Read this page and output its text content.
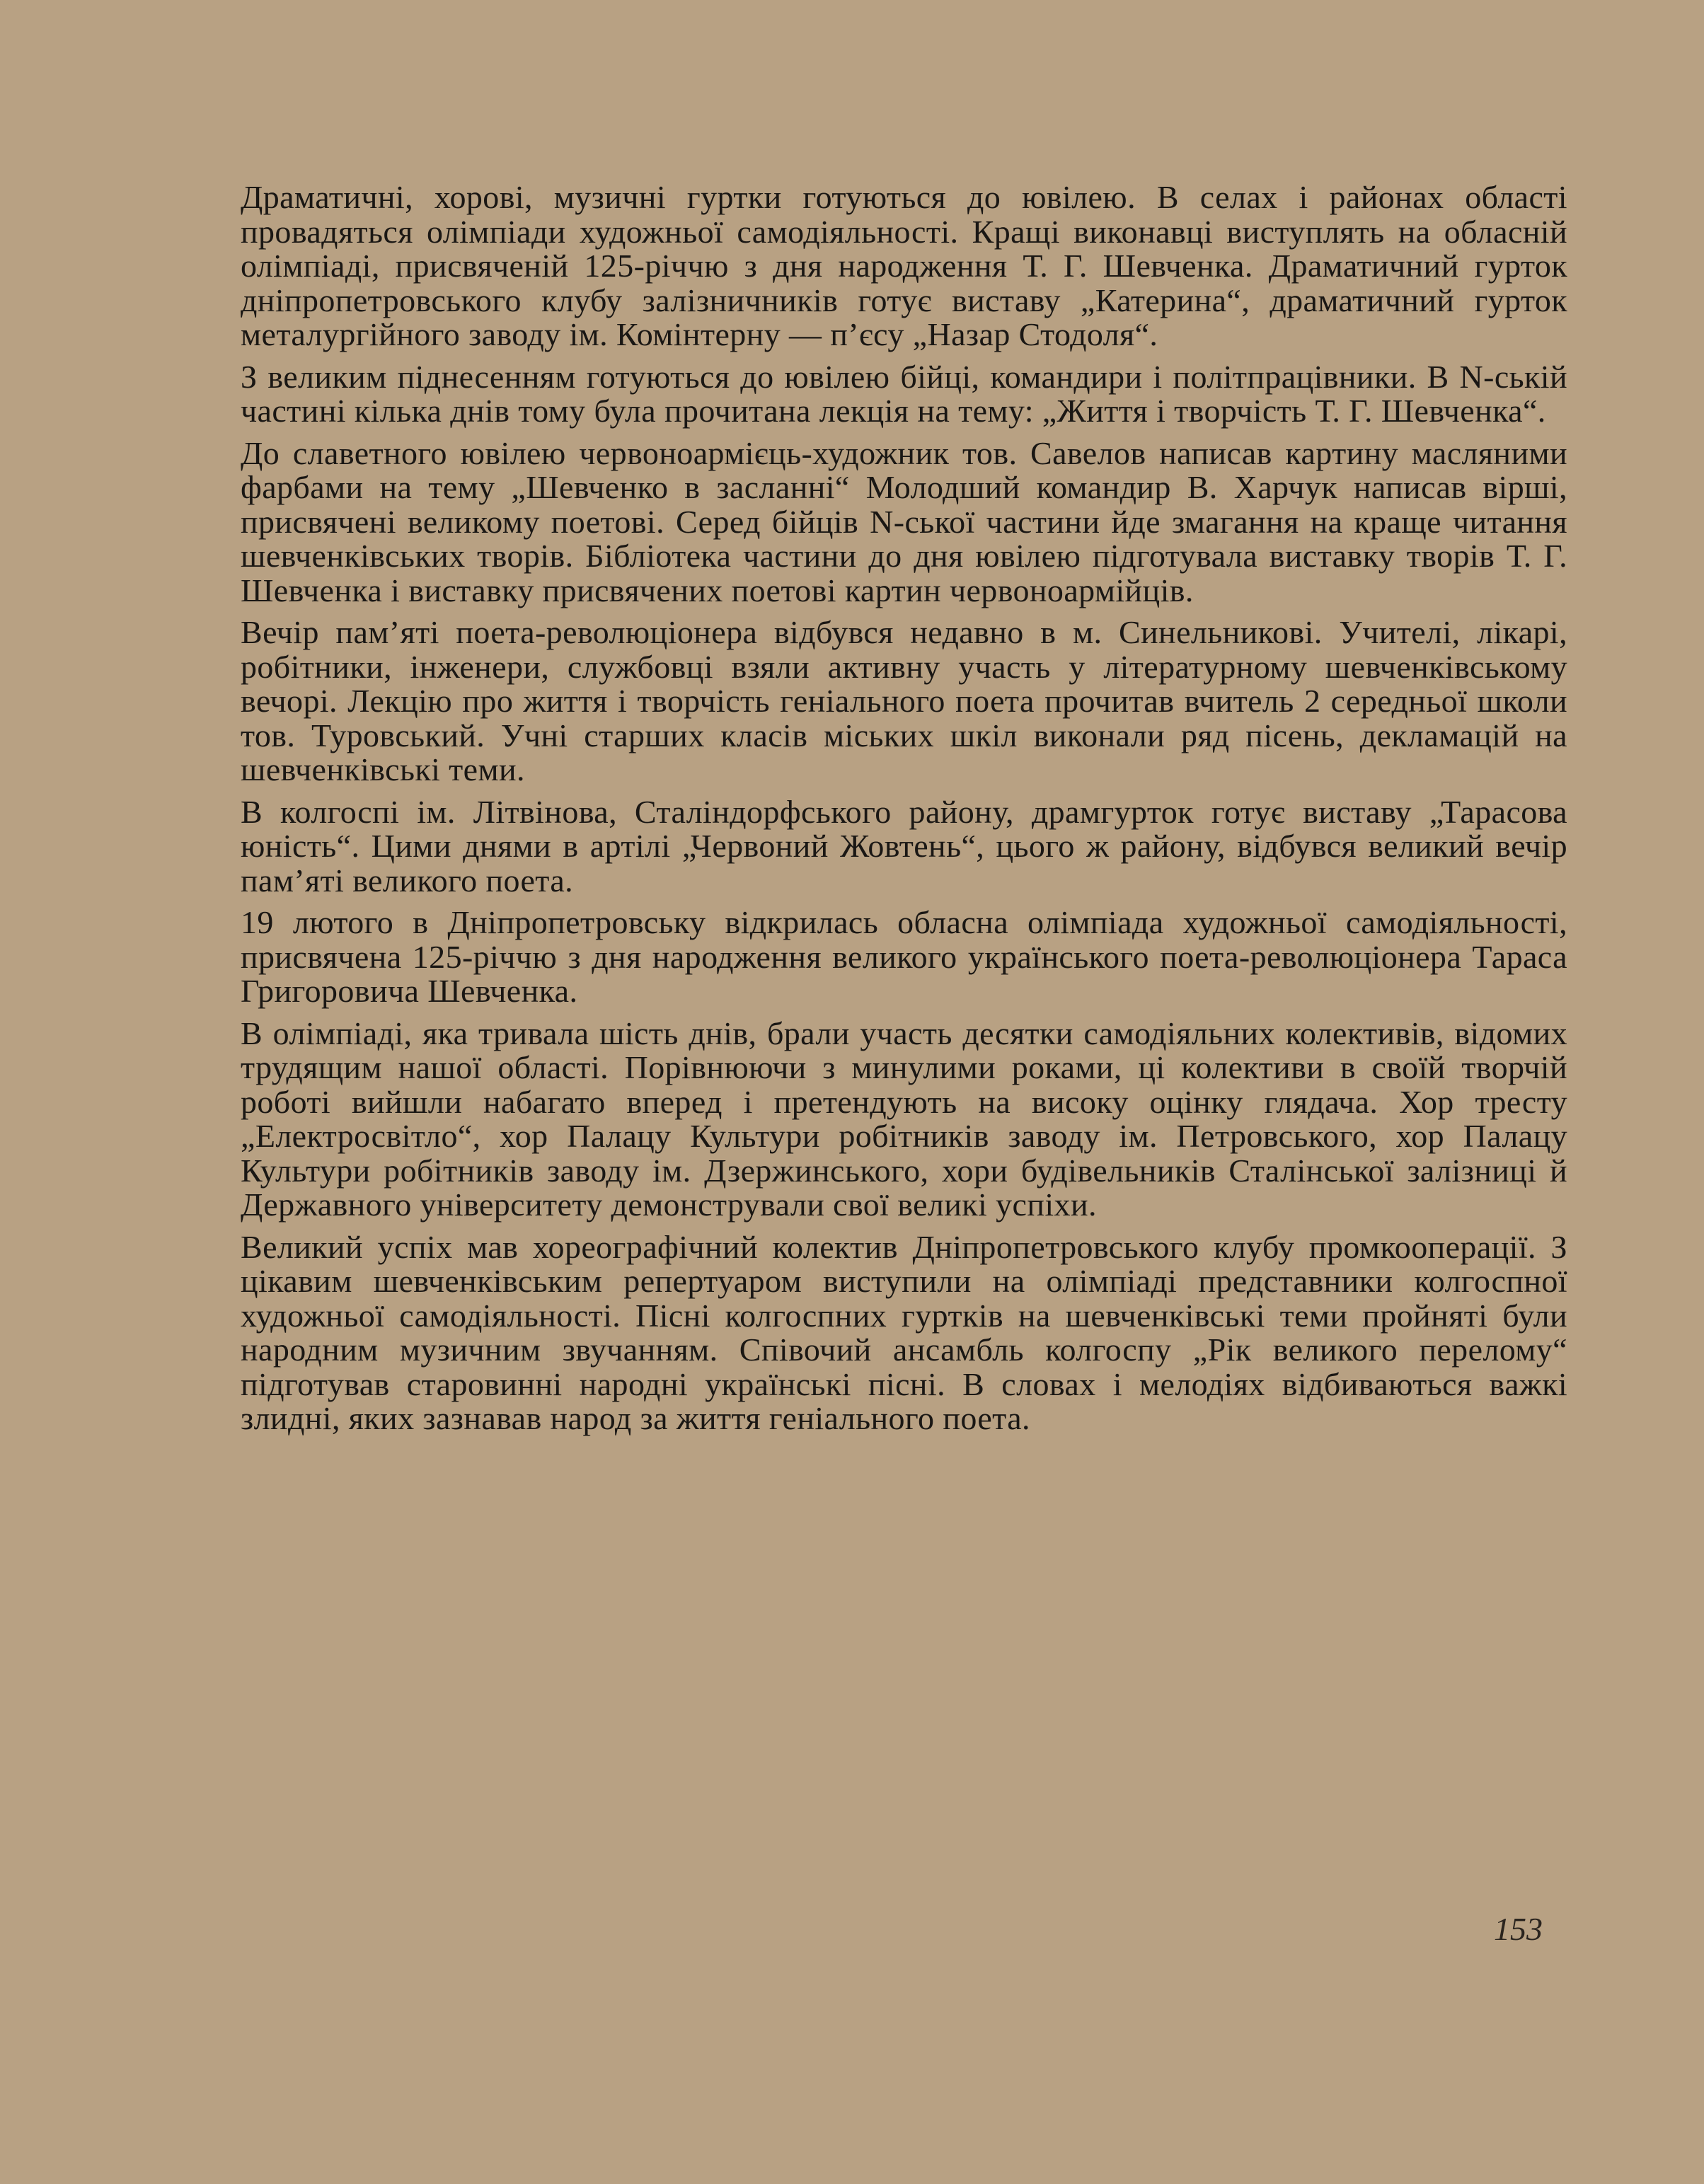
Драматичні, хорові, музичні гуртки готуються до ювілею. В селах і районах області провадяться олімпіади художньої самодіяльності. Кращі виконавці виступлять на обласній олімпіаді, присвяченій 125-річчю з дня народження Т. Г. Шевченка. Драматичний гурток дніпропетровського клубу залізничників готує виставу „Катерина“, драматичний гурток металургійного заводу ім. Комінтерну — п’єсу „Назар Стодоля“.

З великим піднесенням готуються до ювілею бійці, командири і політпрацівники. В N-ській частині кілька днів тому була прочитана лекція на тему: „Життя і творчість Т. Г. Шевченка“.

До славетного ювілею червоноармієць-художник тов. Савелов написав картину масляними фарбами на тему „Шевченко в засланні“ Молодший командир В. Харчук написав вірші, присвячені великому поетові. Серед бійців N-ської частини йде змагання на краще читання шевченківських творів. Бібліотека частини до дня ювілею підготувала виставку творів Т. Г. Шевченка і виставку присвячених поетові картин червоноармійців.

Вечір пам’яті поета-революціонера відбувся недавно в м. Синельникові. Учителі, лікарі, робітники, інженери, службовці взяли активну участь у літературному шевченківському вечорі. Лекцію про життя і творчість геніального поета прочитав вчитель 2 середньої школи тов. Туровський. Учні старших класів міських шкіл виконали ряд пісень, декламацій на шевченківські теми.

В колгоспі ім. Літвінова, Сталіндорфського району, драмгурток готує виставу „Тарасова юність“. Цими днями в артілі „Червоний Жовтень“, цього ж району, відбувся великий вечір пам’яті великого поета.

19 лютого в Дніпропетровську відкрилась обласна олімпіада художньої самодіяльності, присвячена 125-річчю з дня народження великого українського поета-революціонера Тараса Григоровича Шевченка.

В олімпіаді, яка тривала шість днів, брали участь десятки самодіяльних колективів, відомих трудящим нашої області. Порівнюючи з минулими роками, ці колективи в своїй творчій роботі вийшли набагато вперед і претендують на високу оцінку глядача. Хор тресту „Електросвітло“, хор Палацу Культури робітників заводу ім. Петровського, хор Палацу Культури робітників заводу ім. Дзержинського, хори будівельників Сталінської залізниці й Державного університету демонстрували свої великі успіхи.

Великий успіх мав хореографічний колектив Дніпропетровського клубу промкооперації. З цікавим шевченківським репертуаром виступили на олімпіаді представники колгоспної художньої самодіяльності. Пісні колгоспних гуртків на шевченківські теми пройняті були народним музичним звучанням. Співочий ансамбль колгоспу „Рік великого перелому“ підготував старовинні народні українські пісні. В словах і мелодіях відбиваються важкі злидні, яких зазнавав народ за життя геніального поета.

153
